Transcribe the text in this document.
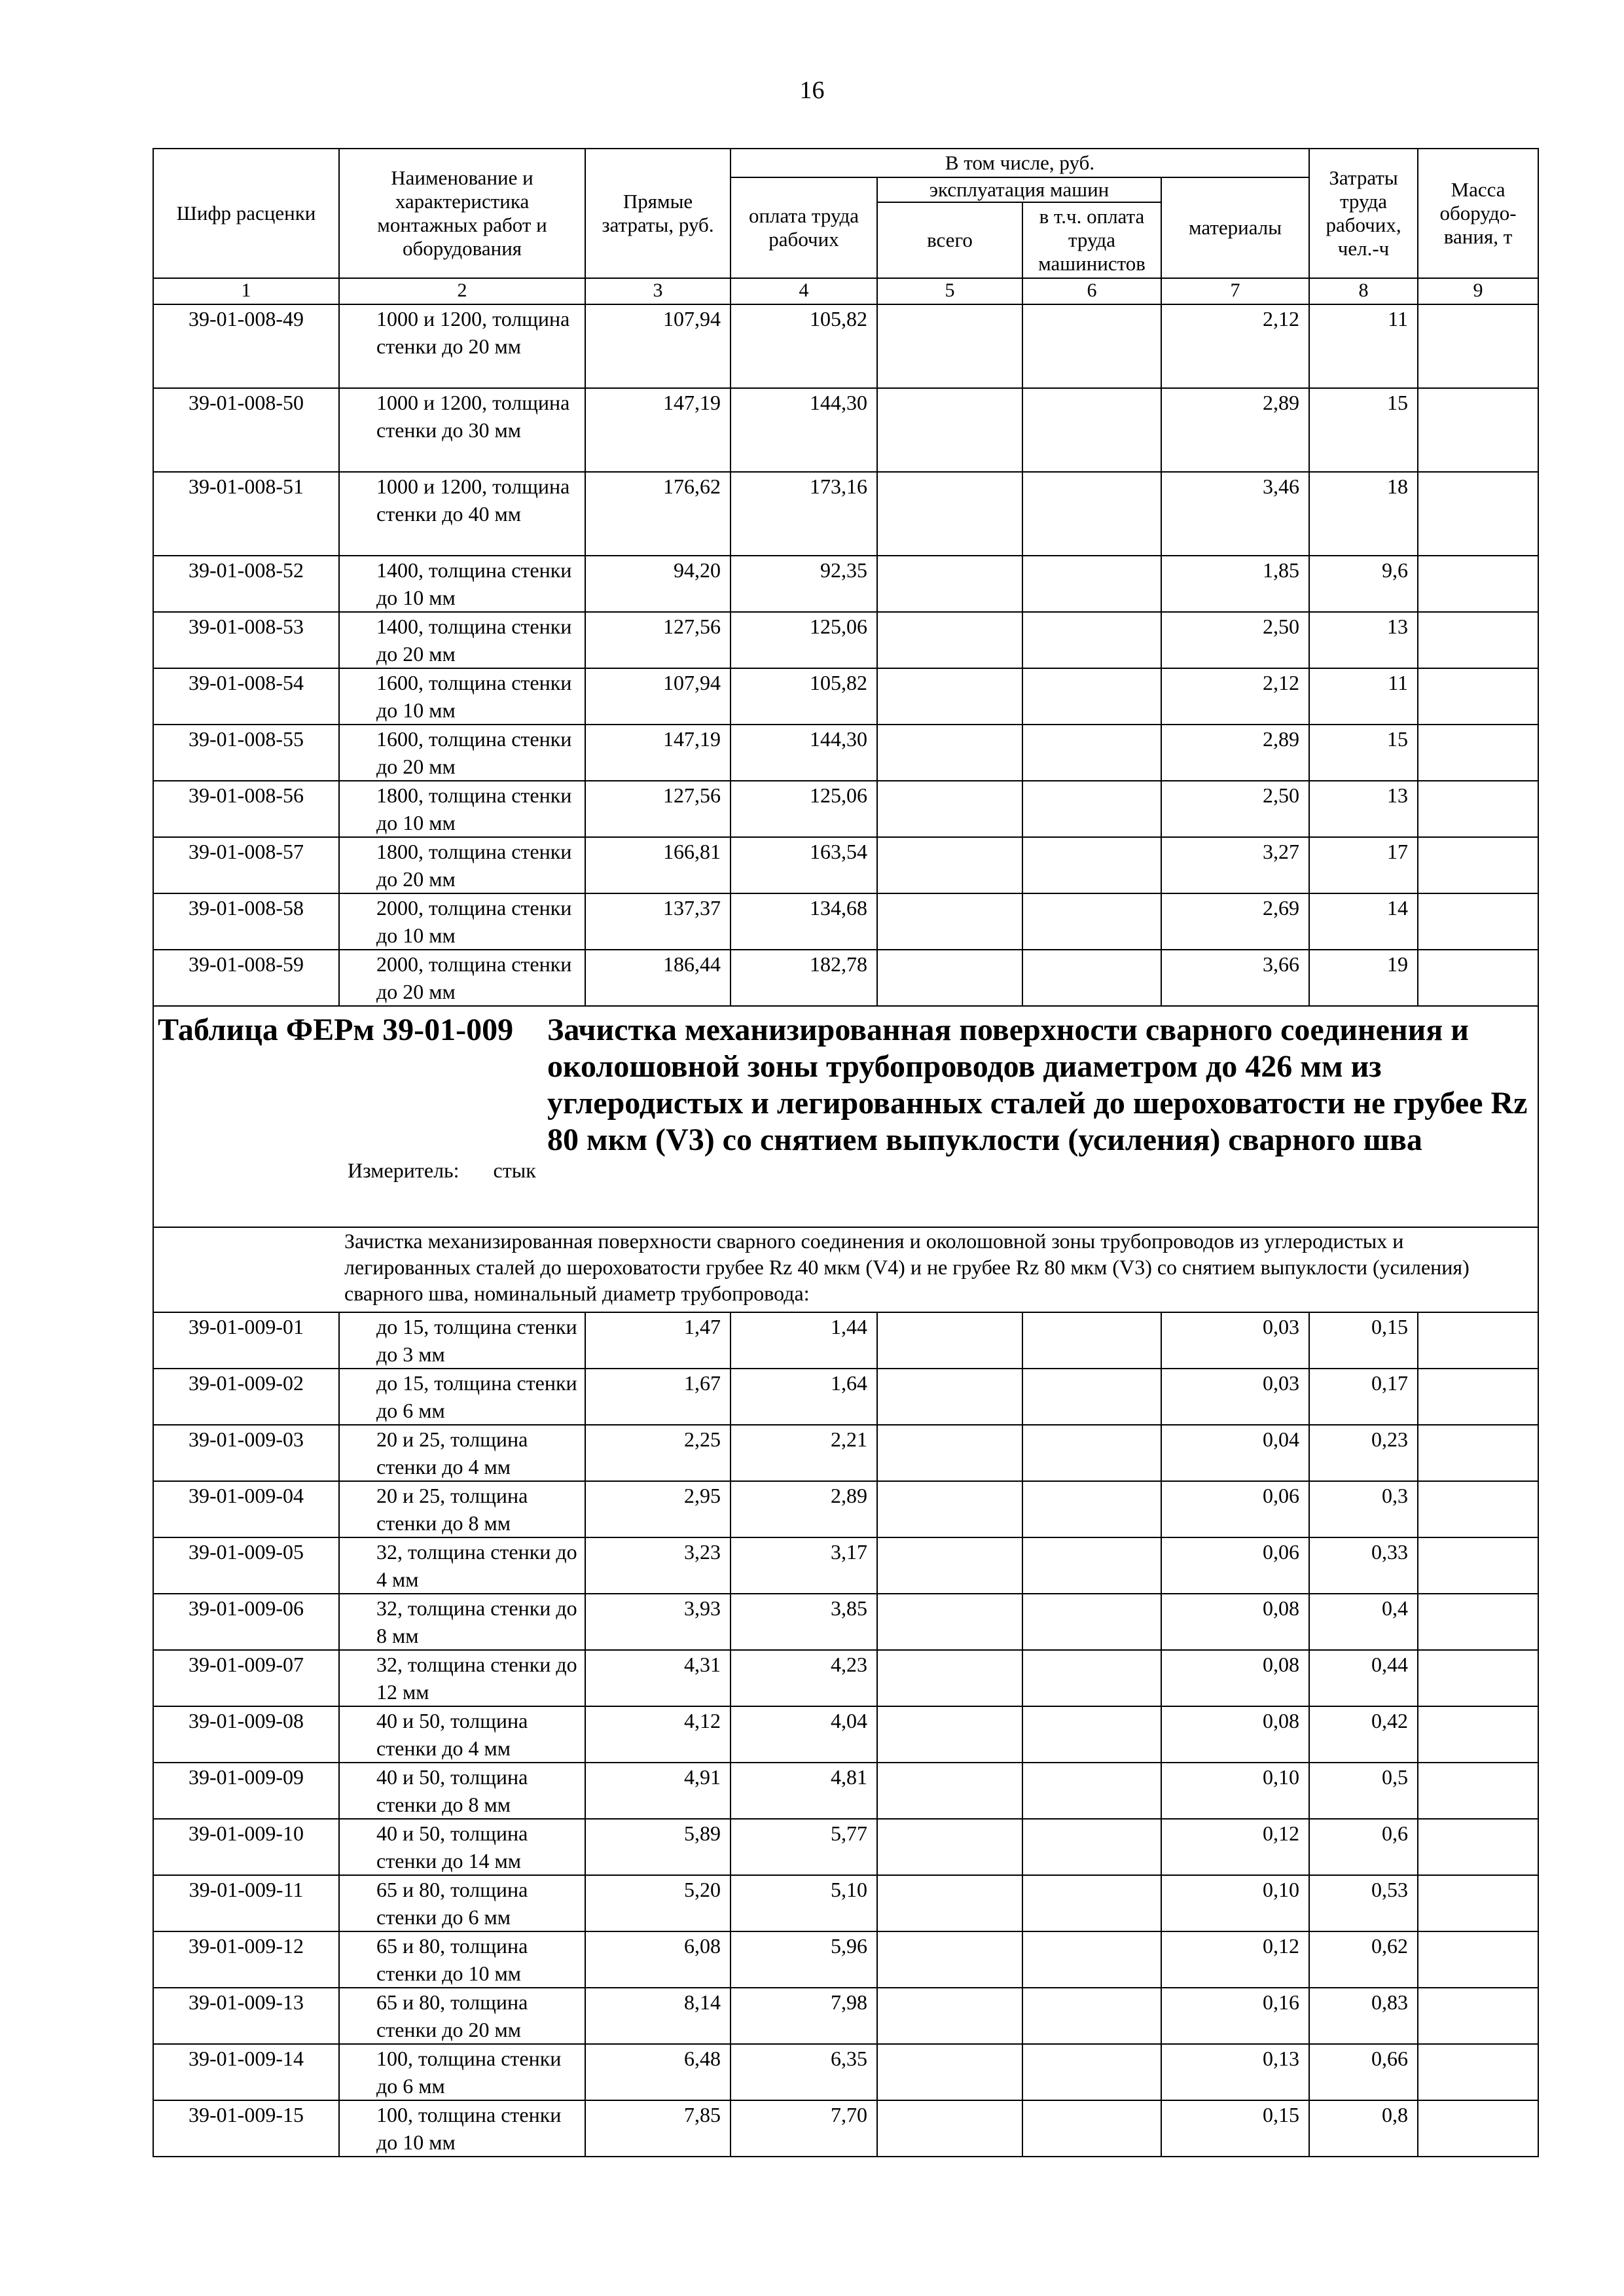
16
Шифр расценки	Наименование и характеристика монтажных работ и оборудования	Прямые затраты, руб.	В том числе, руб.				Затраты труда рабочих, чел.-ч	Масса оборудо-вания, т
			оплата труда рабочих	эксплуатация машин		материалы		
				всего	в т.ч. оплата труда машинистов			
1	2	3	4	5	6	7	8	9
39-01-008-49	1000 и 1200, толщина стенки до 20 мм	107,94	105,82			2,12	11	
39-01-008-50	1000 и 1200, толщина стенки до 30 мм	147,19	144,30			2,89	15	
39-01-008-51	1000 и 1200, толщина стенки до 40 мм	176,62	173,16			3,46	18	
39-01-008-52	1400, толщина стенки до 10 мм	94,20	92,35			1,85	9,6	
39-01-008-53	1400, толщина стенки до 20 мм	127,56	125,06			2,50	13	
39-01-008-54	1600, толщина стенки до 10 мм	107,94	105,82			2,12	11	
39-01-008-55	1600, толщина стенки до 20 мм	147,19	144,30			2,89	15	
39-01-008-56	1800, толщина стенки до 10 мм	127,56	125,06			2,50	13	
39-01-008-57	1800, толщина стенки до 20 мм	166,81	163,54			3,27	17	
39-01-008-58	2000, толщина стенки до 10 мм	137,37	134,68			2,69	14	
39-01-008-59	2000, толщина стенки до 20 мм	186,44	182,78			3,66	19	

Таблица ФЕРм 39-01-009 Зачистка механизированная поверхности сварного соединения и околошовной зоны трубопроводов диаметром до 426 мм из углеродистых и легированных сталей до шероховатости не грубее Rz 80 мкм (V3) со снятием выпуклости (усиления) сварного шва
Измеритель: стык								

	Зачистка механизированная поверхности сварного соединения и околошовной зоны трубопроводов из углеродистых и легированных сталей до шероховатости грубее Rz 40 мкм (V4) и не грубее Rz 80 мкм (V3) со снятием выпуклости (усиления) сварного шва, номинальный диаметр трубопровода:							
39-01-009-01	до 15, толщина стенки до 3 мм	1,47	1,44			0,03	0,15	
39-01-009-02	до 15, толщина стенки до 6 мм	1,67	1,64			0,03	0,17	
39-01-009-03	20 и 25, толщина стенки до 4 мм	2,25	2,21			0,04	0,23	
39-01-009-04	20 и 25, толщина стенки до 8 мм	2,95	2,89			0,06	0,3	
39-01-009-05	32, толщина стенки до 4 мм	3,23	3,17			0,06	0,33	
39-01-009-06	32, толщина стенки до 8 мм	3,93	3,85			0,08	0,4	
39-01-009-07	32, толщина стенки до 12 мм	4,31	4,23			0,08	0,44	
39-01-009-08	40 и 50, толщина стенки до 4 мм	4,12	4,04			0,08	0,42	
39-01-009-09	40 и 50, толщина стенки до 8 мм	4,91	4,81			0,10	0,5	
39-01-009-10	40 и 50, толщина стенки до 14 мм	5,89	5,77			0,12	0,6	
39-01-009-11	65 и 80, толщина стенки до 6 мм	5,20	5,10			0,10	0,53	
39-01-009-12	65 и 80, толщина стенки до 10 мм	6,08	5,96			0,12	0,62	
39-01-009-13	65 и 80, толщина стенки до 20 мм	8,14	7,98			0,16	0,83	
39-01-009-14	100, толщина стенки до 6 мм	6,48	6,35			0,13	0,66	
39-01-009-15	100, толщина стенки до 10 мм	7,85	7,70			0,15	0,8	
